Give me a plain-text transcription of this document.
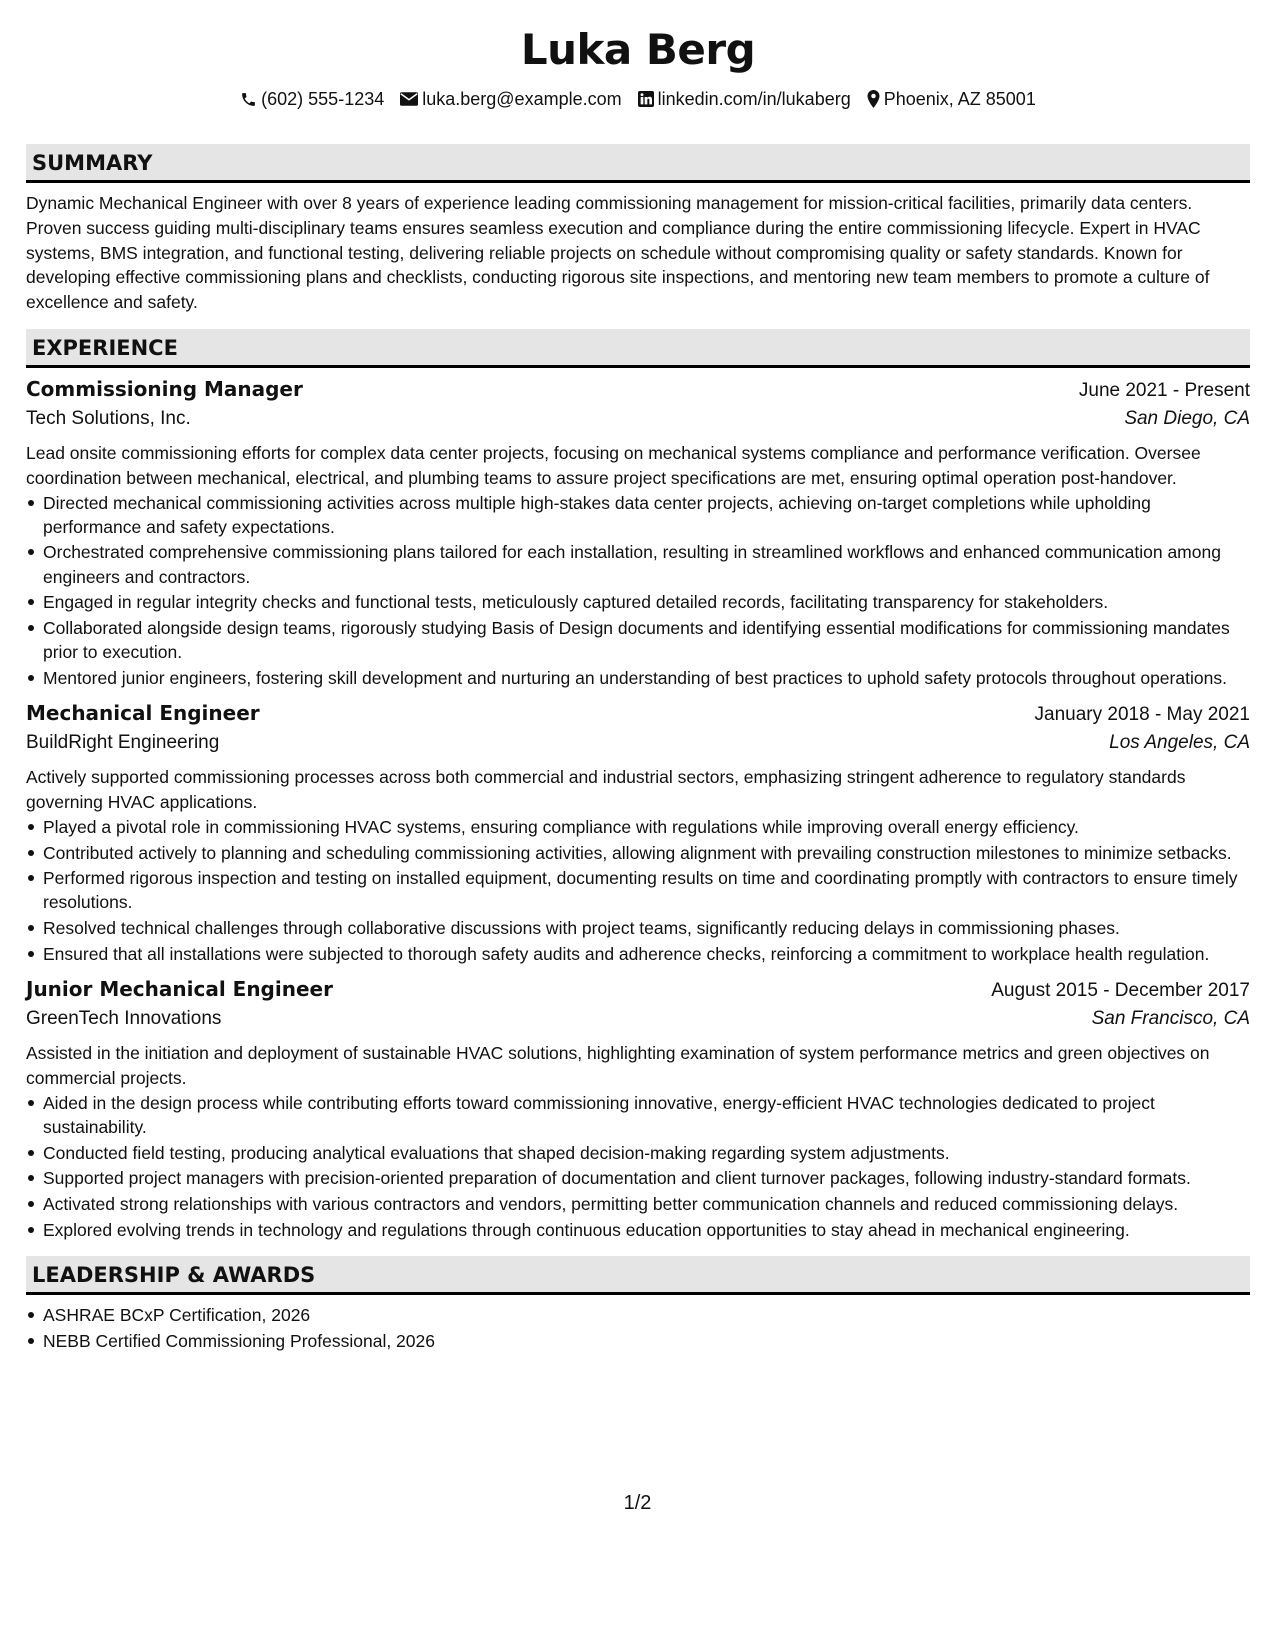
Luka Berg
(602) 555-1234 luka.berg@example.com linkedin.com/in/lukaberg Phoenix, AZ 85001
SUMMARY

Dynamic Mechanical Engineer with over 8 years of experience leading commissioning management for mission-critical facilities, primarily data centers. Proven success guiding multi-disciplinary teams ensures seamless execution and compliance during the entire commissioning lifecycle. Expert in HVAC systems, BMS integration, and functional testing, delivering reliable projects on schedule without compromising quality or safety standards. Known for developing effective commissioning plans and checklists, conducting rigorous site inspections, and mentoring new team members to promote a culture of excellence and safety.

EXPERIENCE
Commissioning Manager	June 2021 - Present
Tech Solutions, Inc.	San Diego, CA

Lead onsite commissioning efforts for complex data center projects, focusing on mechanical systems compliance and performance verification. Oversee coordination between mechanical, electrical, and plumbing teams to assure project specifications are met, ensuring optimal operation post-handover.

Directed mechanical commissioning activities across multiple high-stakes data center projects, achieving on-target completions while upholding performance and safety expectations.
Orchestrated comprehensive commissioning plans tailored for each installation, resulting in streamlined workflows and enhanced communication among engineers and contractors.
Engaged in regular integrity checks and functional tests, meticulously captured detailed records, facilitating transparency for stakeholders.
Collaborated alongside design teams, rigorously studying Basis of Design documents and identifying essential modifications for commissioning mandates prior to execution.
Mentored junior engineers, fostering skill development and nurturing an understanding of best practices to uphold safety protocols throughout operations.
Mechanical Engineer	January 2018 - May 2021
BuildRight Engineering	Los Angeles, CA

Actively supported commissioning processes across both commercial and industrial sectors, emphasizing stringent adherence to regulatory standards governing HVAC applications.

Played a pivotal role in commissioning HVAC systems, ensuring compliance with regulations while improving overall energy efficiency.
Contributed actively to planning and scheduling commissioning activities, allowing alignment with prevailing construction milestones to minimize setbacks.
Performed rigorous inspection and testing on installed equipment, documenting results on time and coordinating promptly with contractors to ensure timely resolutions.
Resolved technical challenges through collaborative discussions with project teams, significantly reducing delays in commissioning phases.
Ensured that all installations were subjected to thorough safety audits and adherence checks, reinforcing a commitment to workplace health regulation.
Junior Mechanical Engineer	August 2015 - December 2017
GreenTech Innovations	San Francisco, CA

Assisted in the initiation and deployment of sustainable HVAC solutions, highlighting examination of system performance metrics and green objectives on commercial projects.

Aided in the design process while contributing efforts toward commissioning innovative, energy-efficient HVAC technologies dedicated to project sustainability.
Conducted field testing, producing analytical evaluations that shaped decision-making regarding system adjustments.
Supported project managers with precision-oriented preparation of documentation and client turnover packages, following industry-standard formats.
Activated strong relationships with various contractors and vendors, permitting better communication channels and reduced commissioning delays.
Explored evolving trends in technology and regulations through continuous education opportunities to stay ahead in mechanical engineering.
LEADERSHIP & AWARDS
ASHRAE BCxP Certification, 2026
NEBB Certified Commissioning Professional, 2026
1/2
